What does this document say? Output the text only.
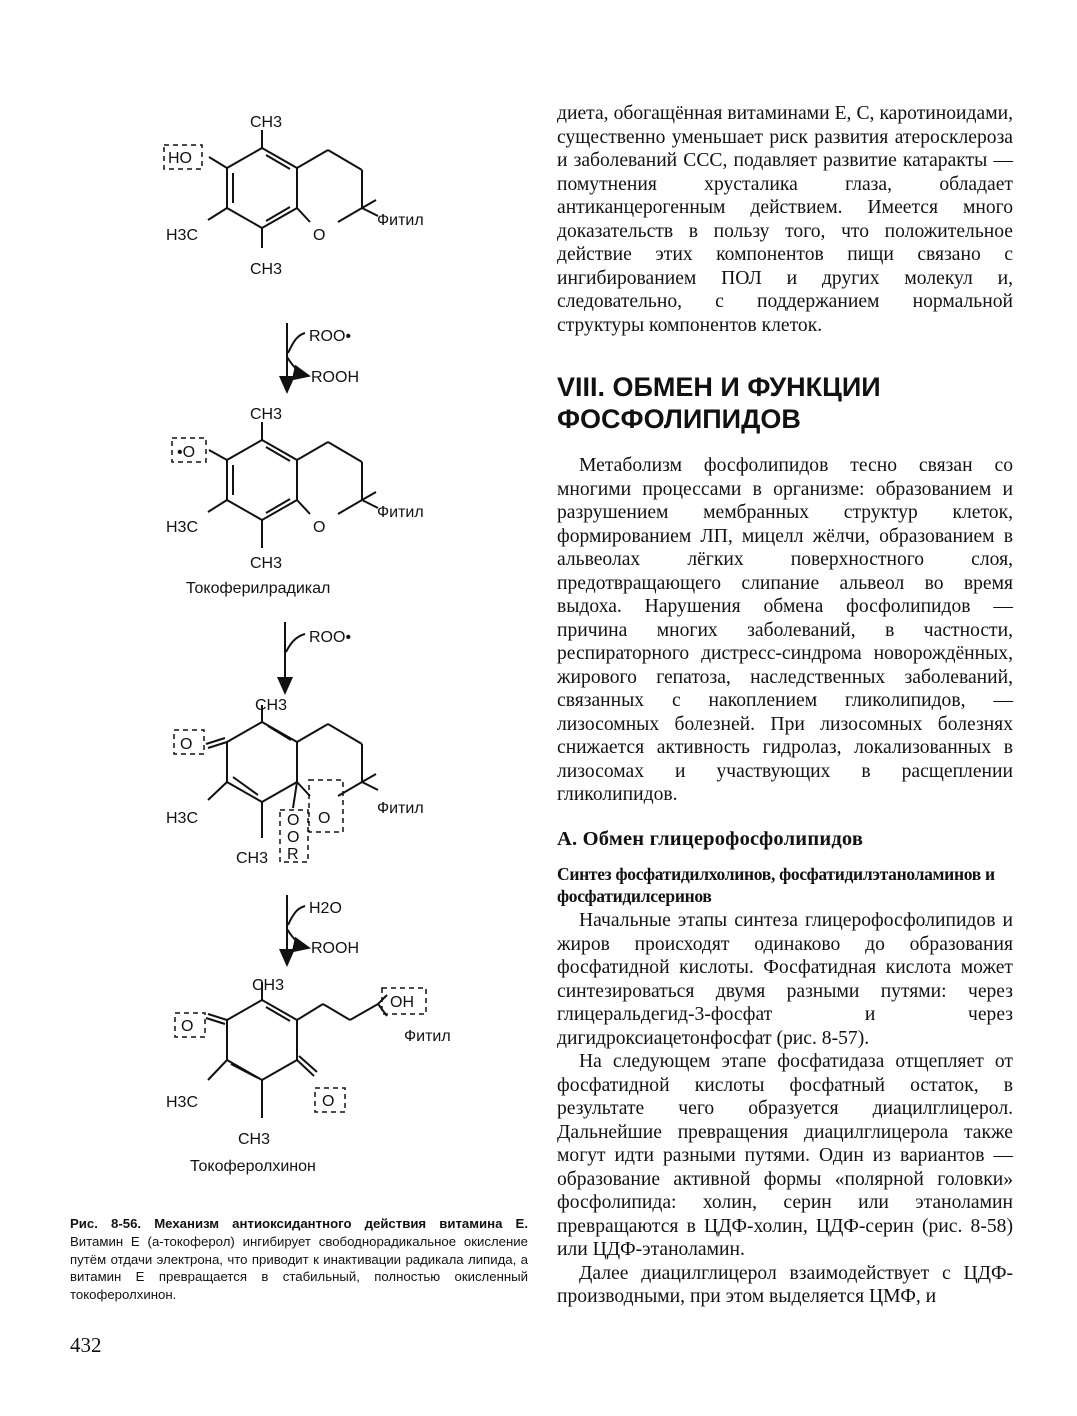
CH3
HO
H3C	O
Фитил
CH3
ROO•
ROOH
CH3
•O
H3C	O
Фитил
CH3
Токоферилрадикал
ROO•
CH3
O
H3C	O
Фитил
CH3
O
O
R
H2O
ROOH
CH3
OH
Фитил
O
O
H3C
CH3
Токоферолхинон
Рис. 8-56. Механизм антиоксидантного действия витамина Е. Витамин Е (а-токоферол) ингибирует свободнорадикальное окисление путём отдачи электрона, что приводит к инактивации радикала липида, а витамин Е превращается в стабильный, полностью окисленный токоферолхинон.
432

диета, обогащённая витаминами Е, С, каротиноидами, существенно уменьшает риск развития атеросклероза и заболеваний ССС, подавляет развитие катаракты — помутнения хрусталика глаза, обладает антиканцерогенным действием. Имеется много доказательств в пользу того, что положительное действие этих компонентов пищи связано с ингибированием ПОЛ и других молекул и, следовательно, с поддержанием нормальной структуры компонентов клеток.

VIII. ОБМЕН И ФУНКЦИИ ФОСФОЛИПИДОВ

Метаболизм фосфолипидов тесно связан со многими процессами в организме: образованием и разрушением мембранных структур клеток, формированием ЛП, мицелл жёлчи, образованием в альвеолах лёгких поверхностного слоя, предотвращающего слипание альвеол во время выдоха. Нарушения обмена фосфолипидов — причина многих заболеваний, в частности, респираторного дистресс-синдрома новорождённых, жирового гепатоза, наследственных заболеваний, связанных с накоплением гликолипидов, — лизосомных болезней. При лизосомных болезнях снижается активность гидролаз, локализованных в лизосомах и участвующих в расщеплении гликолипидов.

А. Обмен глицерофосфолипидов
Синтез фосфатидилхолинов, фосфатидилэтаноламинов и фосфатидилсеринов

Начальные этапы синтеза глицерофосфолипидов и жиров происходят одинаково до образования фосфатидной кислоты. Фосфатидная кислота может синтезироваться двумя разными путями: через глицеральдегид-3-фосфат и через дигидроксиацетонфосфат (рис. 8-57).

На следующем этапе фосфатидаза отщепляет от фосфатидной кислоты фосфатный остаток, в результате чего образуется диацилглицерол. Дальнейшие превращения диацилглицерола также могут идти разными путями. Один из вариантов — образование активной формы «полярной головки» фосфолипида: холин, серин или этаноламин превращаются в ЦДФ-холин, ЦДФ-серин (рис. 8-58) или ЦДФ-этаноламин.

Далее диацилглицерол взаимодействует с ЦДФ-производными, при этом выделяется ЦМФ, и
